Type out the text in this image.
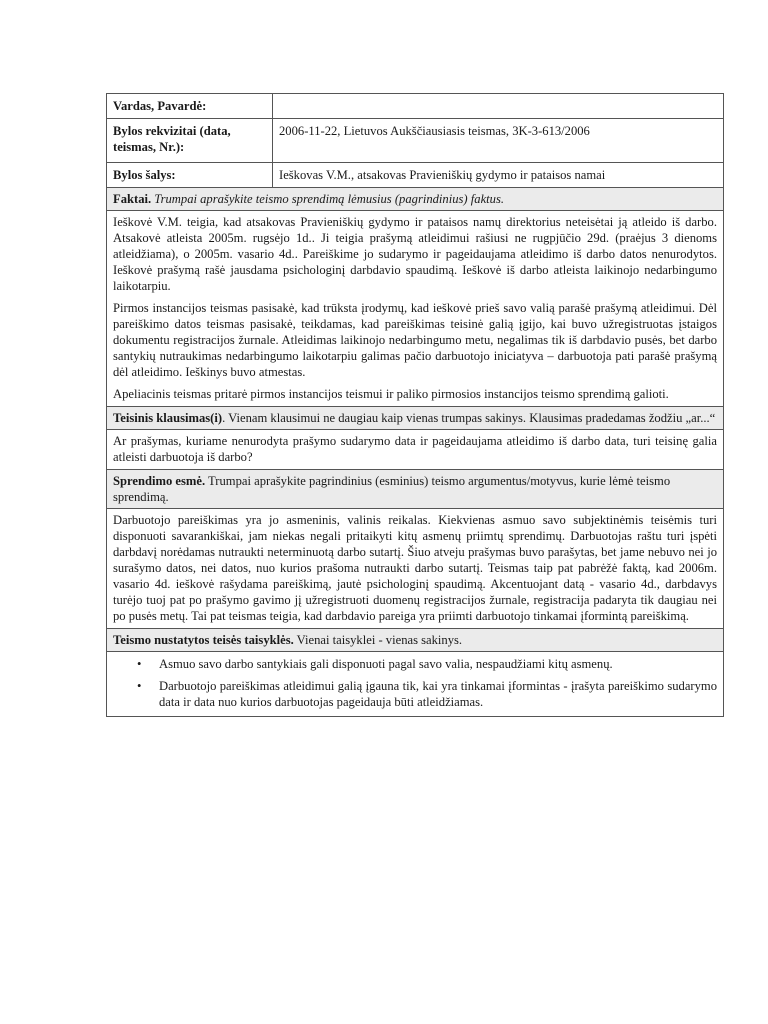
Vardas, Pavardė:
Bylos rekvizitai (data, teismas, Nr.):
2006-11-22, Lietuvos Aukščiausiasis teismas, 3K-3-613/2006
Bylos šalys:	Ieškovas V.M., atsakovas Pravieniškių gydymo ir pataisos namai
Faktai. Trumpai aprašykite teismo sprendimą lėmusius (pagrindinius) faktus.

Ieškovė V.M. teigia, kad atsakovas Pravieniškių gydymo ir pataisos namų direktorius neteisėtai ją atleido iš darbo. Atsakovė atleista 2005m. rugsėjo 1d.. Ji teigia prašymą atleidimui rašiusi ne rugpjūčio 29d. (praėjus 3 dienoms atleidžiama), o 2005m. vasario 4d.. Pareiškime jo sudarymo ir pageidaujama atleidimo iš darbo datos nenurodytos. Ieškovė prašymą rašė jausdama psichologinį darbdavio spaudimą. Ieškovė iš darbo atleista laikinojo nedarbingumo laikotarpiu.

Pirmos instancijos teismas pasisakė, kad trūksta įrodymų, kad ieškovė prieš savo valią parašė prašymą atleidimui. Dėl pareiškimo datos teismas pasisakė, teikdamas, kad pareiškimas teisinė galią įgijo, kai buvo užregistruotas įstaigos dokumentu registracijos žurnale. Atleidimas laikinojo nedarbingumo metu, negalimas tik iš darbdavio pusės, bet darbo santykių nutraukimas nedarbingumo laikotarpiu galimas pačio darbuotojo iniciatyva – darbuotoja pati parašė prašymą dėl atleidimo. Ieškinys buvo atmestas.

Apeliacinis teismas pritarė pirmos instancijos teismui ir paliko pirmosios instancijos teismo sprendimą galioti.

Teisinis klausimas(i). Vienam klausimui ne daugiau kaip vienas trumpas sakinys. Klausimas pradedamas žodžiu „ar...“

Ar prašymas, kuriame nenurodyta prašymo sudarymo data ir pageidaujama atleidimo iš darbo data, turi teisinę galia atleisti darbuotoja iš darbo?

Sprendimo esmė. Trumpai aprašykite pagrindinius (esminius) teismo argumentus/motyvus, kurie lėmė teismo sprendimą.

Darbuotojo pareiškimas yra jo asmeninis, valinis reikalas. Kiekvienas asmuo savo subjektinėmis teisėmis turi disponuoti savarankiškai, jam niekas negali pritaikyti kitų asmenų priimtų sprendimų. Darbuotojas raštu turi įspėti darbdavį norėdamas nutraukti neterminuotą darbo sutartį. Šiuo atveju prašymas buvo parašytas, bet jame nebuvo nei jo surašymo datos, nei datos, nuo kurios prašoma nutraukti darbo sutartį. Teismas taip pat pabrėžė faktą, kad 2006m. vasario 4d. ieškovė rašydama pareiškimą, jautė psichologinį spaudimą. Akcentuojant datą - vasario 4d., darbdavys turėjo tuoj pat po prašymo gavimo jį užregistruoti duomenų registracijos žurnale, registracija padaryta tik daugiau nei po pusės metų. Tai pat teismas teigia, kad darbdavio pareiga yra priimti darbuotojo tinkamai įformintą pareiškimą.

Teismo nustatytos teisės taisyklės. Vienai taisyklei - vienas sakinys.
• Asmuo savo darbo santykiais gali disponuoti pagal savo valia, nespaudžiami kitų asmenų.
• Darbuotojo pareiškimas atleidimui galią įgauna tik, kai yra tinkamai įformintas - įrašyta pareiškimo sudarymo data ir data nuo kurios darbuotojas pageidauja būti atleidžiamas.
